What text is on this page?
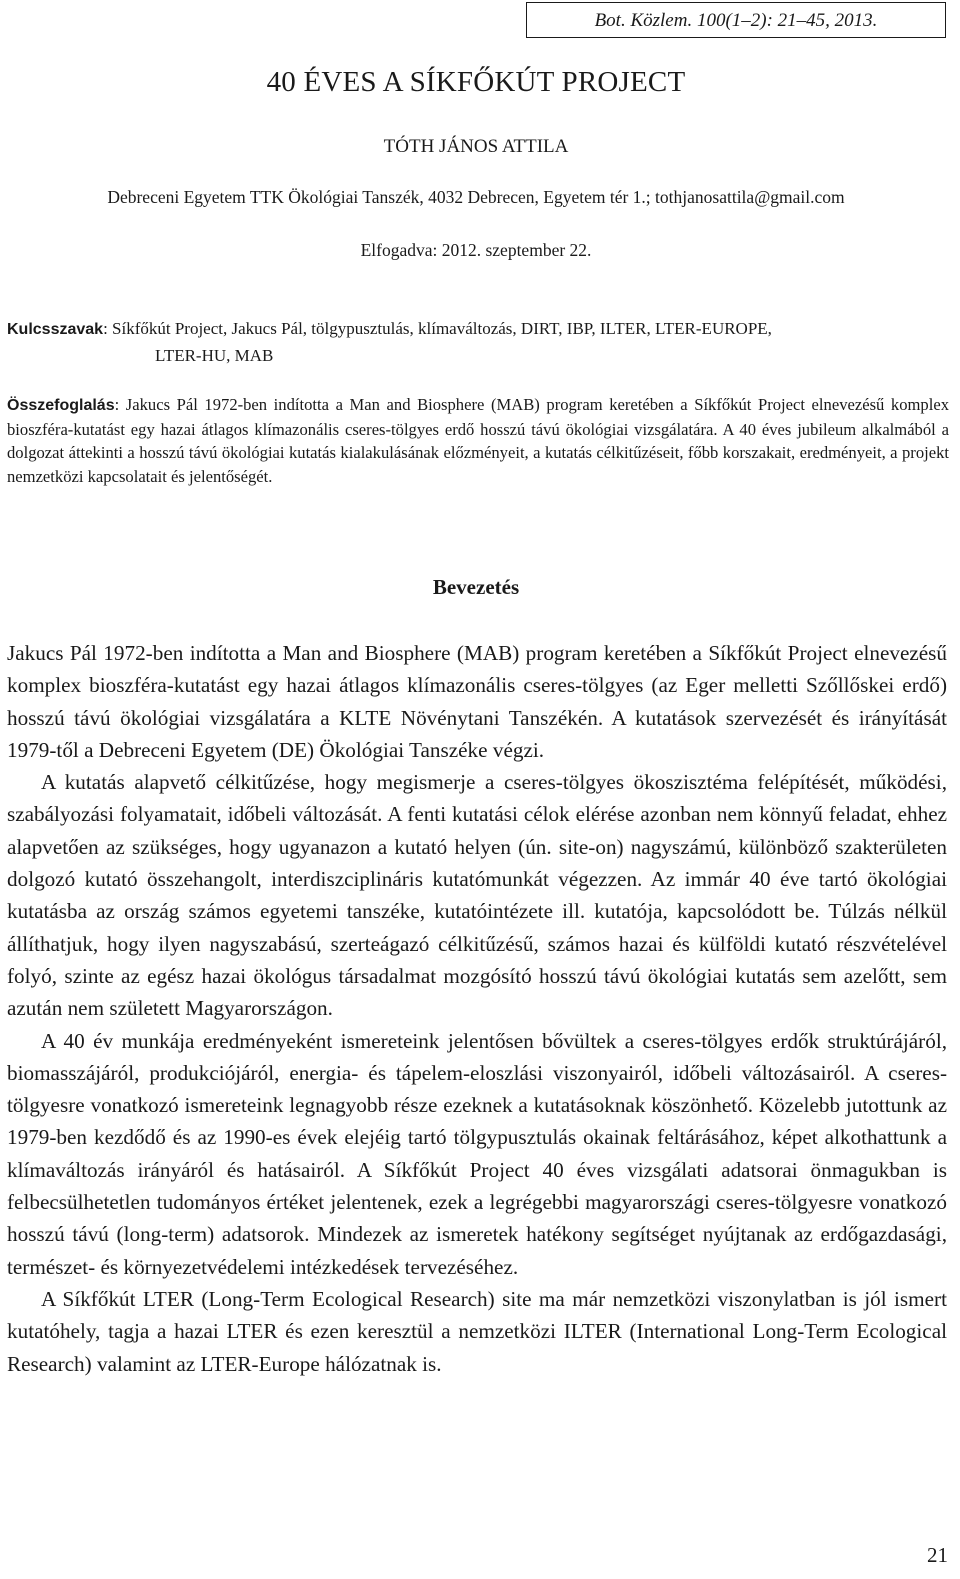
Bot. Közlem. 100(1–2): 21–45, 2013.
40 ÉVES A SÍKFŐKÚT PROJECT
TÓTH JÁNOS ATTILA
Debreceni Egyetem TTK Ökológiai Tanszék, 4032 Debrecen, Egyetem tér 1.; tothjanosattila@gmail.com
Elfogadva: 2012. szeptember 22.
Kulcsszavak: Síkfőkút Project, Jakucs Pál, tölgypusztulás, klímaváltozás, DIRT, IBP, ILTER, LTER-EUROPE,
LTER-HU, MAB
Összefoglalás: Jakucs Pál 1972-ben indította a Man and Biosphere (MAB) program keretében a Síkfőkút Project elnevezésű komplex bioszféra-kutatást egy hazai átlagos klímazonális cseres-tölgyes erdő hosszú távú ökológiai vizsgálatára. A 40 éves jubileum alkalmából a dolgozat áttekinti a hosszú távú ökológiai kutatás kialakulásának előzményeit, a kutatás célkitűzéseit, főbb korszakait, eredményeit, a projekt nemzetközi kapcsolatait és jelentőségét.
Bevezetés

Jakucs Pál 1972-ben indította a Man and Biosphere (MAB) program keretében a Síkfőkút Project elnevezésű komplex bioszféra-kutatást egy hazai átlagos klímazonális cseres-tölgyes (az Eger melletti Szőllőskei erdő) hosszú távú ökológiai vizsgálatára a KLTE Növénytani Tanszékén. A kutatások szervezését és irányítását 1979-től a Debreceni Egyetem (DE) Ökológiai Tanszéke végzi.

A kutatás alapvető célkitűzése, hogy megismerje a cseres-tölgyes ökoszisztéma felépítését, működési, szabályozási folyamatait, időbeli változását. A fenti kutatási célok elérése azonban nem könnyű feladat, ehhez alapvetően az szükséges, hogy ugyanazon a kutató helyen (ún. site-on) nagyszámú, különböző szakterületen dolgozó kutató összehangolt, interdiszciplináris kutatómunkát végezzen. Az immár 40 éve tartó ökológiai kutatásba az ország számos egyetemi tanszéke, kutatóintézete ill. kutatója, kapcsolódott be. Túlzás nélkül állíthatjuk, hogy ilyen nagyszabású, szerteágazó célkitűzésű, számos hazai és külföldi kutató részvételével folyó, szinte az egész hazai ökológus társadalmat mozgósító hosszú távú ökológiai kutatás sem azelőtt, sem azután nem született Magyarországon.

A 40 év munkája eredményeként ismereteink jelentősen bővültek a cseres-tölgyes erdők struktúrájáról, biomasszájáról, produkciójáról, energia- és tápelem-eloszlási viszonyairól, időbeli változásairól. A cseres-tölgyesre vonatkozó ismereteink legnagyobb része ezeknek a kutatásoknak köszönhető. Közelebb jutottunk az 1979-ben kezdődő és az 1990-es évek elejéig tartó tölgypusztulás okainak feltárásához, képet alkothattunk a klímaváltozás irányáról és hatásairól. A Síkfőkút Project 40 éves vizsgálati adatsorai önmagukban is felbecsülhetetlen tudományos értéket jelentenek, ezek a legrégebbi magyarországi cseres-tölgyesre vonatkozó hosszú távú (long-term) adatsorok. Mindezek az ismeretek hatékony segítséget nyújtanak az erdőgazdasági, természet- és környezetvédelemi intézkedések tervezéséhez.

A Síkfőkút LTER (Long-Term Ecological Research) site ma már nemzetközi viszonylatban is jól ismert kutatóhely, tagja a hazai LTER és ezen keresztül a nemzetközi ILTER (International Long-Term Ecological Research) valamint az LTER-Europe hálózatnak is.

21
